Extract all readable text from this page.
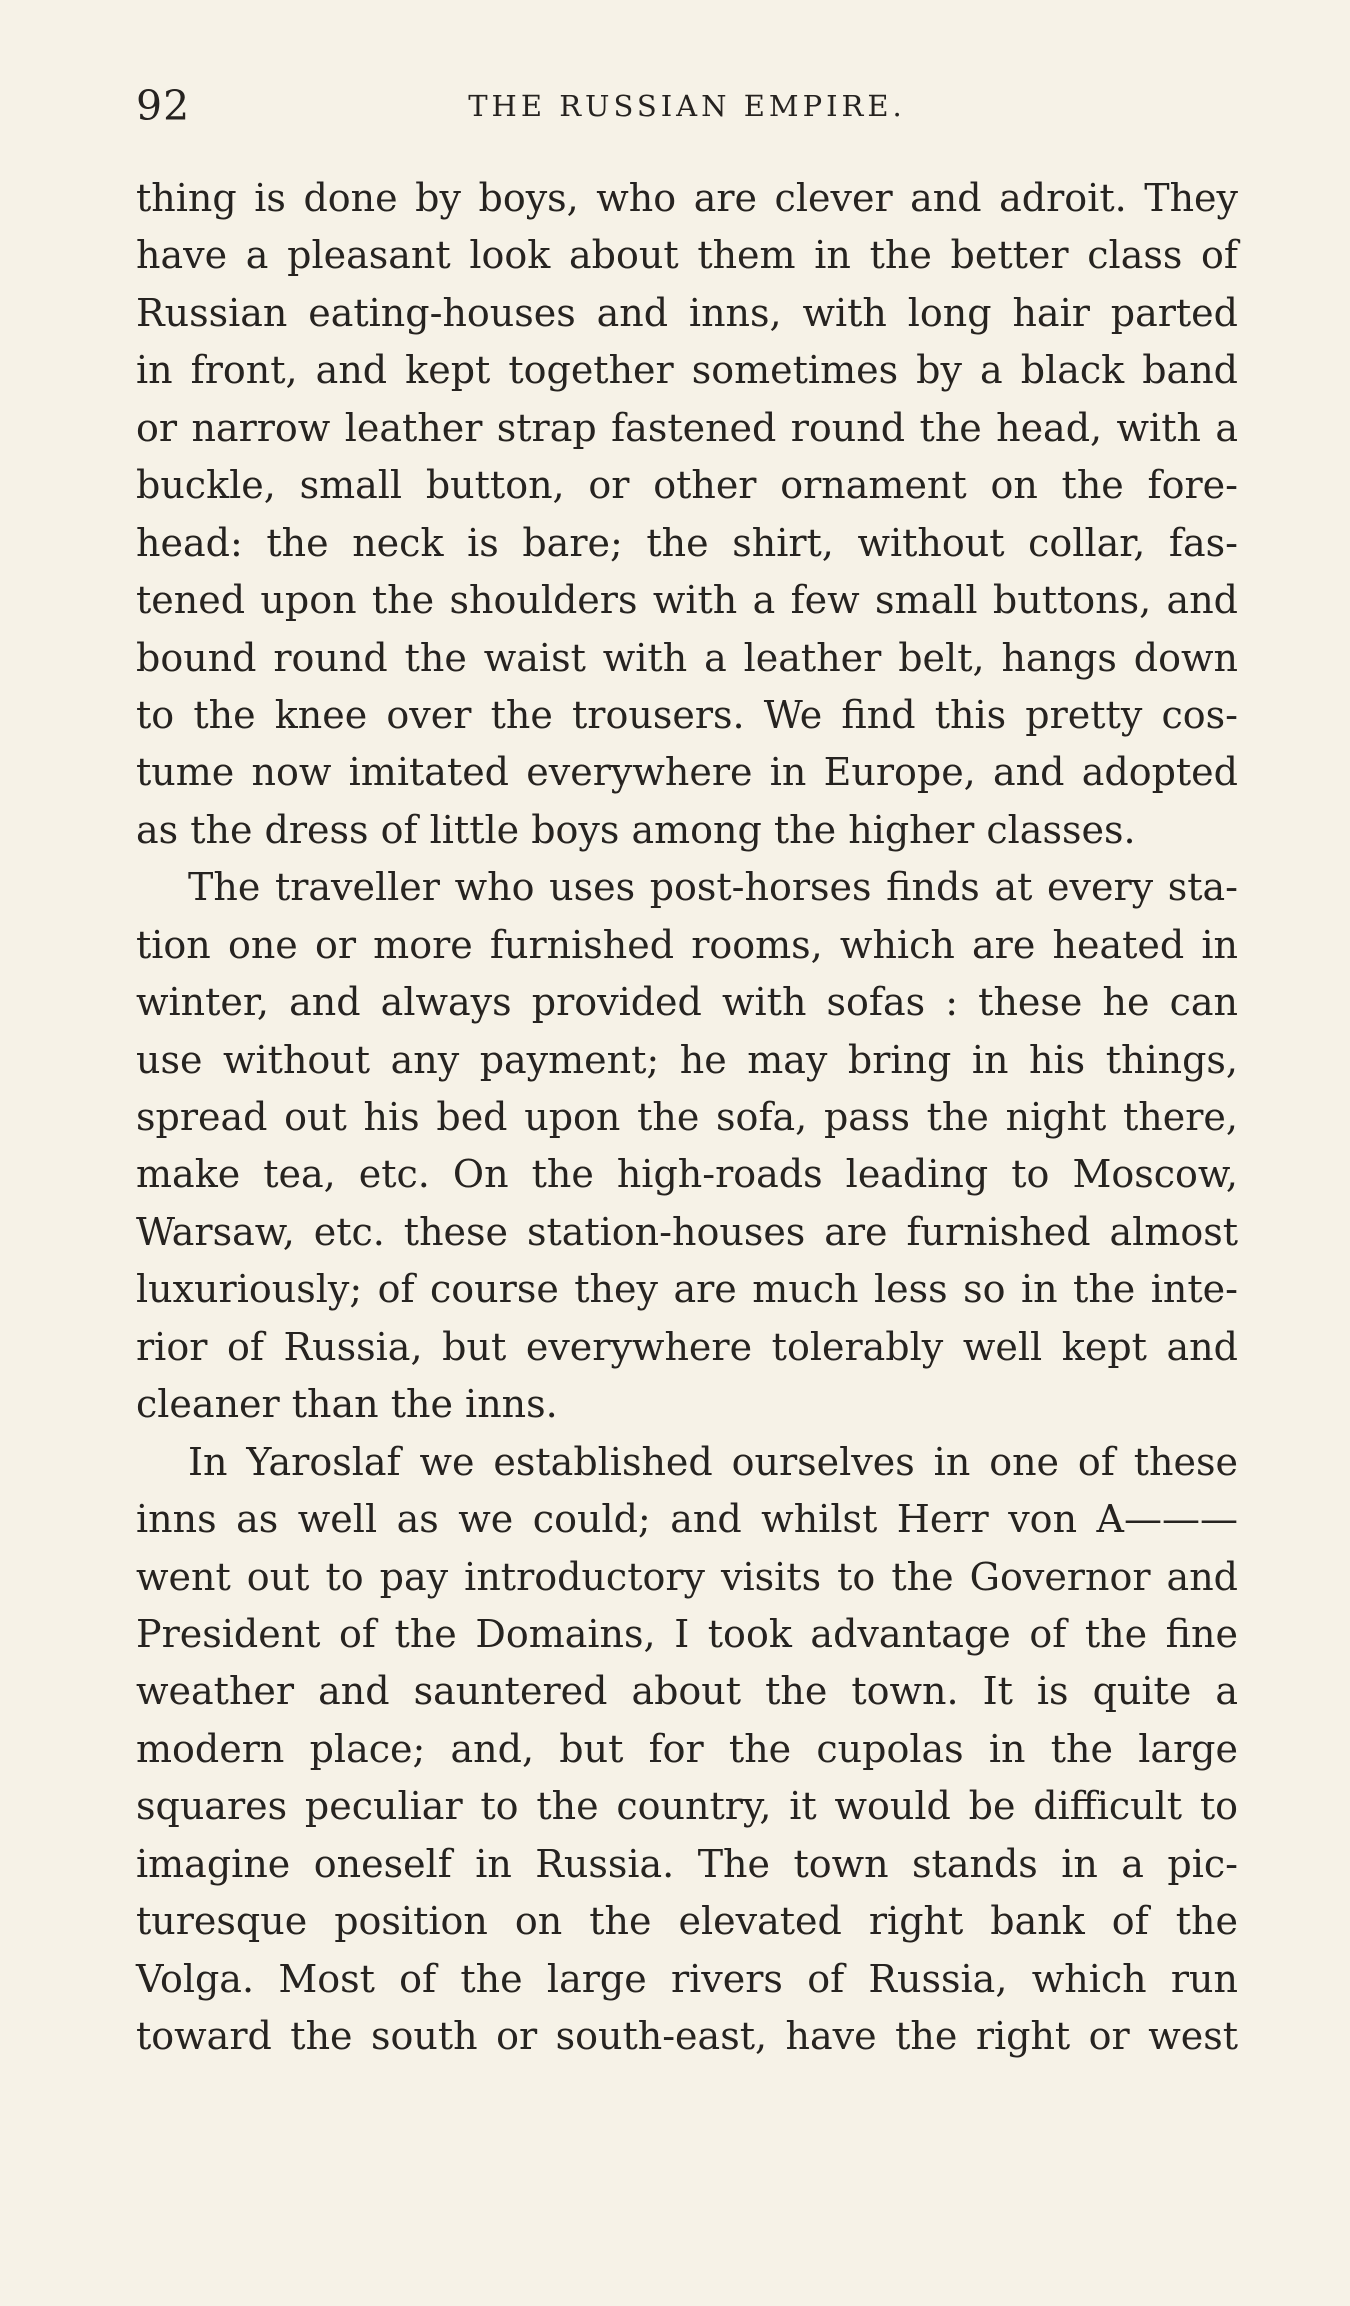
92	THE RUSSIAN EMPIRE.
thing is done by boys, who are clever and adroit. They
have a pleasant look about them in the better class of
Russian eating-houses and inns, with long hair parted
in front, and kept together sometimes by a black band
or narrow leather strap fastened round the head, with a
buckle, small button, or other ornament on the fore-
head: the neck is bare; the shirt, without collar, fas-
tened upon the shoulders with a few small buttons, and
bound round the waist with a leather belt, hangs down
to the knee over the trousers. We find this pretty cos-
tume now imitated everywhere in Europe, and adopted
as the dress of little boys among the higher classes.
The traveller who uses post-horses finds at every sta-
tion one or more furnished rooms, which are heated in
winter, and always provided with sofas : these he can
use without any payment; he may bring in his things,
spread out his bed upon the sofa, pass the night there,
make tea, etc. On the high-roads leading to Moscow,
Warsaw, etc. these station-houses are furnished almost
luxuriously; of course they are much less so in the inte-
rior of Russia, but everywhere tolerably well kept and
cleaner than the inns.
In Yaroslaf we established ourselves in one of these
inns as well as we could; and whilst Herr von A———
went out to pay introductory visits to the Governor and
President of the Domains, I took advantage of the fine
weather and sauntered about the town. It is quite a
modern place; and, but for the cupolas in the large
squares peculiar to the country, it would be difficult to
imagine oneself in Russia. The town stands in a pic-
turesque position on the elevated right bank of the
Volga. Most of the large rivers of Russia, which run
toward the south or south-east, have the right or west
